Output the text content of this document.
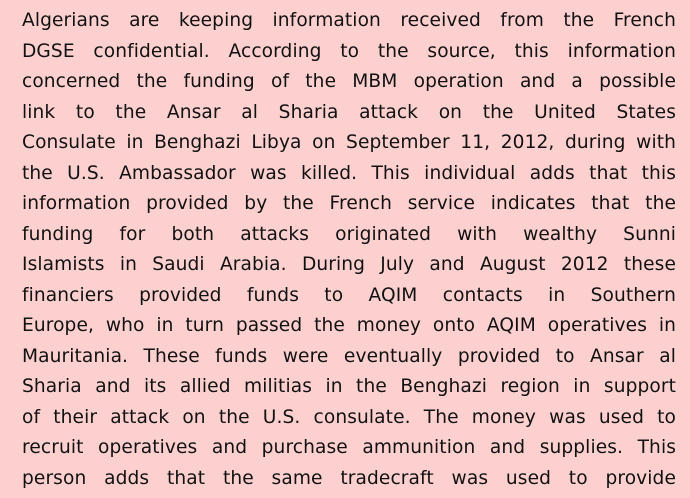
Algerians are keeping information received from the French
DGSE confidential. According to the source, this information
concerned the funding of the MBM operation and a possible
link to the Ansar al Sharia attack on the United States
Consulate in Benghazi Libya on September 11, 2012, during with
the U.S. Ambassador was killed. This individual adds that this
information provided by the French service indicates that the
funding for both attacks originated with wealthy Sunni
Islamists in Saudi Arabia. During July and August 2012 these
financiers provided funds to AQIM contacts in Southern
Europe, who in turn passed the money onto AQIM operatives in
Mauritania. These funds were eventually provided to Ansar al
Sharia and its allied militias in the Benghazi region in support
of their attack on the U.S. consulate. The money was used to
recruit operatives and purchase ammunition and supplies. This
person adds that the same tradecraft was used to provide
